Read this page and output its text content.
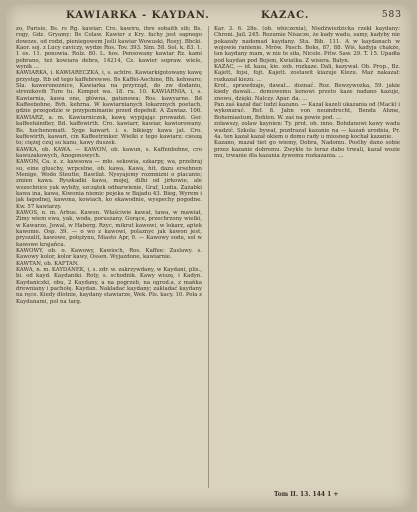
KAWIARKA - KAYDAN.	KAZAC.	583

zo, Parisie, Bs. rs Rg. kawiar; Cro. kawiru, ihre sobaith sib; Bs. rogy, Gdz. Gryamy; Bs Colaw. Kawier z Kry. fachy jest sapnego dowoze, od rodzi, pieniegowem Jeśli kawiar Wowuski, Rosyj. Bbcki. Kaor. soj. z Lucy caviczy, wydze Ros. Tov. 393. Sim. 58. Sol. k. 83. 1. 1 os. 11. ponowia. Rolz. 80. L. hos. Pensowany kawiar Rz. kami pobrano, też kowiara debra, 14214, Cz. kawier sopraw. wiele, wynik ...

KAWIARKA, i. KAWIARECZKA, i, s. achtre. Kawiarkigotowany kawę przystęp. Itb od tego kaffebrewwe. Bs Kaffei-Aechine, Bh. kehwaro; Sla. kaweronoznice, Kawiarka na przyrząd, do zw dodaniu, strenikovih Ture tu. Kompot wa. 18. ru. 10. KAWIARNIA, i, s. Kawiarnia, kawa ono, główna, gatunowa; Ros. kawyarne. Bd Kaffeebohne, Bvh. kehrna. W kawiarnianych lokarznych poetach, gdzie przegodzie w przypominanie przed dopełnił. A Zawiaz. 106. KAWIARZ, a. m. Kawiarniczek, kawę wypijając prowadzi. Ger. kaffeehändler, Bd. kaffewirth. Cro. kawiarr, kawiar, kawiorowany. Bs. hochenomatt. Syge kawart. i. s. bikiegy kawa jat. Cro. kaffewirth, kawari, cin Kaffeetrinker. Wielki z tego kawiarz; cieszą to; ciężej czuj su kanu, kawy duszek.

KAWKA, ob. KAWA. — KAWON, ob. kawun, s. Kaffenbohne, cro kawuzakowych, Anogonowych.

KAWON, Ca. z. z. kawsowa — mło. sekowia, szkarpy, wa, przebraj su, eine gluschy, wrpcelne, ob. kawa, Kawa, hit. dazu ersehnen Menige, Wodo Steutte, Bawilat. Nysyajemy rozmnizni o placanie; zmien kawa. Ryszkadki kawa, mojej, dilhi od jirkowie, ale wszechnice yak wybity, szczątek odbarwienie, Graf, Ludia. Zażabki kawa ina, kawa, Kiwonia niemic pejeka w Bajadu 43. Bieg, Wyrem i jak łagodnej, kawona, kowiach, ko ekawodnie, wyspechy pogodne. Kw. 57 kawiarzy.

KAWOS, n. m. Arbus. Kawon. Właściwie kawał, tawa, w mawiał, Zimy wiem ewa, yak, woda, poruszany. Gorące, przechrzony wielki, w Kawarze, Jowal, w Haberg. Rzyc, mikrut kawowi, w lokarz, aptek kawonie. Osp. 39. — o wo z kawowi, polaznyc jak kawon jest, pryszalit, kawowe, potężynu, Miasto Apr, 9. — Kawowy sodu, sol w kawowe krajańca.

KAWOWY, ob. o. Kawowy, Kawioch, Ros. Kaffee: Zaslawy. s. Kawowy kolor, kolor kawy, Ossen. Wyjazdone, kawiarnie.

KAWTAN, ob. KAFTAN.

KAWA, n. m. KAYDANEK, i, s. zdr. w. zakrzywdany, w Kaydani, plis., bi. od kayd. Kaydaniki. Roty, s. schodnik. Kawy wiszę, i Kadyn. Kaydaniczki, obu, 2 Kaydany, a na pogrzeb, na ogrod.a, z mańka drewniany i pacholę. Kaydan. Nakladać kaydany; zakladać kaydany na ręce. Kiedy dlotnie, kaydany stawiarze, Wek. Pls. kacy. 10. Pola z Kaydanami, pol na targ.

Kar. 3. 6. 28e. (ob. włóczenia), Niedźwiedzicka rzekł kaydany: Chroni. Jail. 245. Rozumie Nisacze, że kady wadu, samy, kadyby nie pokazały nadomad kaydany. Sta. Bib. 111. A w kaydanach w wojowie ranienie. Mrów. Pasch. Boks, 87, 88. Wiś, kadyja chakże, tan kaydany mam, w nie te siła, Nicole. Pitw. Saw. 29. T. 15. Upadła pod kaydan pod Bojem, Kwiatka. Z wisera. Bałyn.

KAZAC, — id. kaza, kie. zob. rozkaze. Dali, kazywał. Ob. Prop., Bz. Kajett, fojsi, fojt. Kajett. zostawit kiazuje Kiezu. Maż nakazał: rozkazał kiezu. ...

Krol., sprawdzaje, dawał... doznać. Roz. Bewzywozka, 59. jakie kiedy dawali... domowemu konowi przeto kaze nadano kazuje, znowu, dzięki. Nalczy. Apar. da. ...

Pan zaś kazał dać ludzi kazano. — Kazał kazeli ukazania od (Mack) i wykonarać. Ref. 8. Jahn von neumdrecht, Benda Ahme, Bohemiastum, Bohlen. W. zaś na powie pod. ...

zolawszy, zolaw kaynien: Ty. prot. ob. inno. Bohdanowi kawy wadu wadzić. Szkola: bywał, pozdrazał kazanie na — kazań urodnia, Pr. 4a. ten kazał kazał okiem o domu rady u miosneg kochał kazanie.

Kazano, mazał tiet go wiemy, Dobra, Nadomu. Posthy dano sobie przez kazanie dobremu. Zwykle to teraz dabo trwali, kazał wozie mu, trwanie dla kazania żywemu rozkazania. ...

Tom II. 13. 144 1 +
